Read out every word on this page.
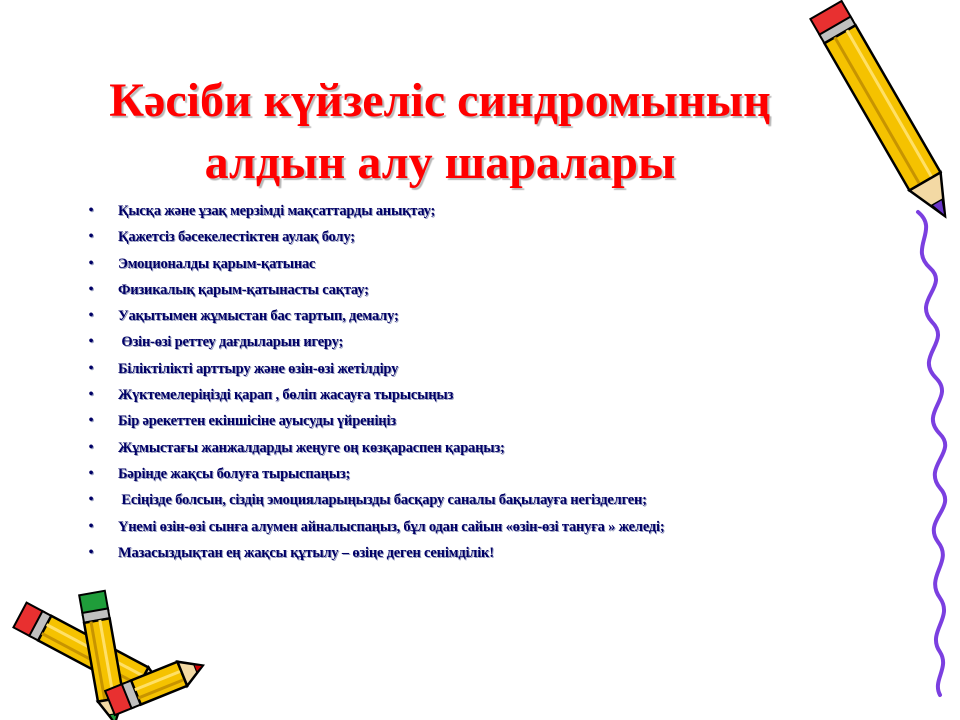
Кәсіби күйзеліс синдромының
алдын алу шаралары
•	Қысқа және ұзақ мерзімді мақсаттарды анықтау;
•	Қажетсіз бәсекелестіктен аулақ болу;
•	Эмоционалды қарым-қатынас
•	Физикалық қарым-қатынасты сақтау;
•	Уақытымен жұмыстан бас тартып, демалу;
•	Өзін-өзі реттеу дағдыларын игеру;
•	Біліктілікті арттыру және өзін-өзі жетілдіру
•	Жүктемелеріңізді қарап , бөліп жасауға тырысыңыз
•	Бір әрекеттен екіншісіне ауысуды үйреніңіз
•	Жұмыстағы жанжалдарды жеңуге оң көзқараспен қараңыз;
•	Бәрінде жақсы болуға тырыспаңыз;
•	Есіңізде болсын, сіздің эмоцияларыңызды басқару саналы бақылауға негізделген;
•	Үнемі өзін-өзі сынға алумен айналыспаңыз, бұл одан сайын «өзін-өзі тануға » желеді;
•	Мазасыздықтан ең жақсы құтылу – өзіңе деген сенімділік!
